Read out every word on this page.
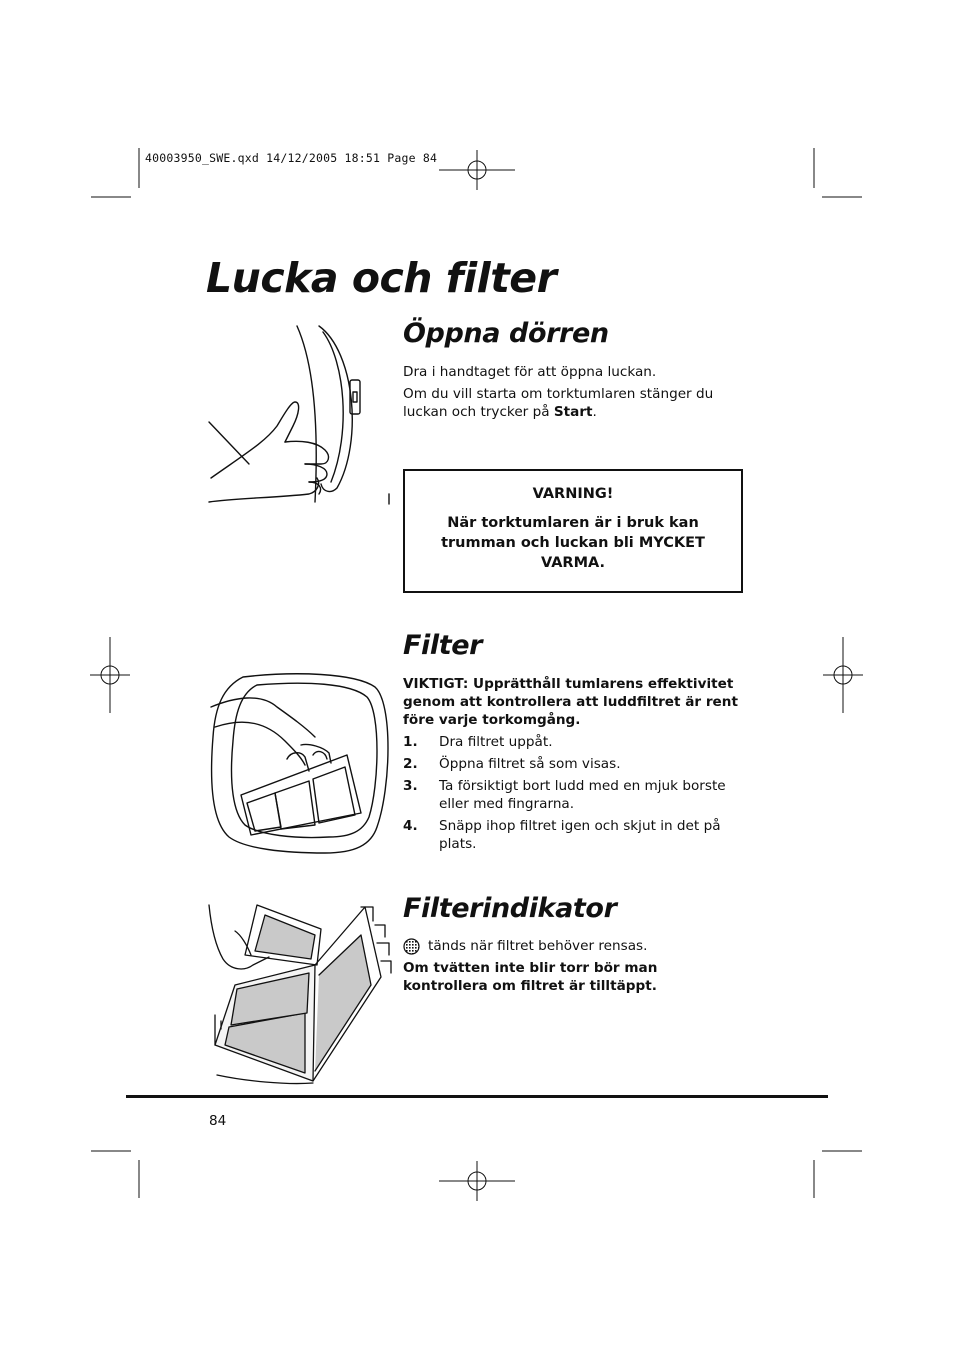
40003950_SWE.qxd 14/12/2005 18:51 Page 84
Lucka och filter
Öppna dörren

Dra i handtaget för att öppna luckan.

Om du vill starta om torktumlaren stänger du luckan och trycker på Start.

VARNING!
När torktumlaren är i bruk kan trumman och luckan bli MYCKET VARMA.
Filter

VIKTIGT: Upprätthåll tumlarens effektivitet genom att kontrollera att luddfiltret är rent före varje torkomgång.

1. Dra filtret uppåt.
2. Öppna filtret så som visas.
3. Ta försiktigt bort ludd med en mjuk borste eller med fingrarna.
4. Snäpp ihop filtret igen och skjut in det på plats.
Filterindikator

tänds när filtret behöver rensas.

Om tvätten inte blir torr bör man kontrollera om filtret är tilltäppt.

84
